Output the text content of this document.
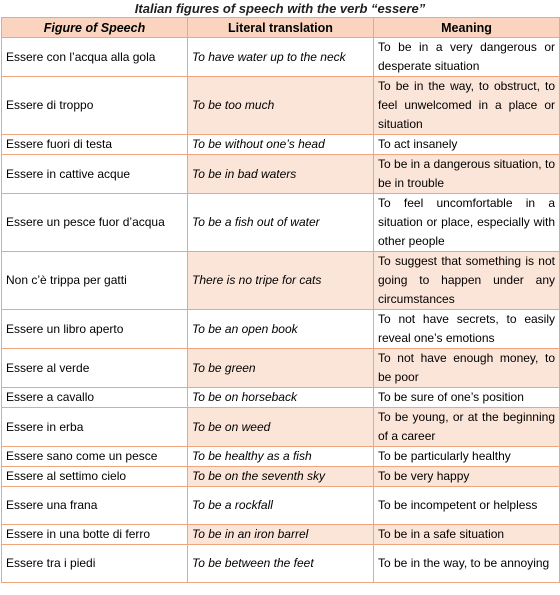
Italian figures of speech with the verb “essere”
Figure of Speech	Literal translation	Meaning
Essere con l’acqua alla gola	To have water up to the neck	To be in a very dangerous or desperate situation
Essere di troppo	To be too much	To be in the way, to obstruct, to feel unwelcomed in a place or situation
Essere fuori di testa	To be without one’s head	To act insanely
Essere in cattive acque	To be in bad waters	To be in a dangerous situation, to be in trouble
Essere un pesce fuor d’acqua	To be a fish out of water	To feel uncomfortable in a situation or place, especially with other people
Non c’è trippa per gatti	There is no tripe for cats	To suggest that something is not going to happen under any circumstances
Essere un libro aperto	To be an open book	To not have secrets, to easily reveal one’s emotions
Essere al verde	To be green	To not have enough money, to be poor
Essere a cavallo	To be on horseback	To be sure of one’s position
Essere in erba	To be on weed	To be young, or at the beginning of a career
Essere sano come un pesce	To be healthy as a fish	To be particularly healthy
Essere al settimo cielo	To be on the seventh sky	To be very happy
Essere una frana	To be a rockfall	To be incompetent or helpless
Essere in una botte di ferro	To be in an iron barrel	To be in a safe situation
Essere tra i piedi	To be between the feet	To be in the way, to be annoying
